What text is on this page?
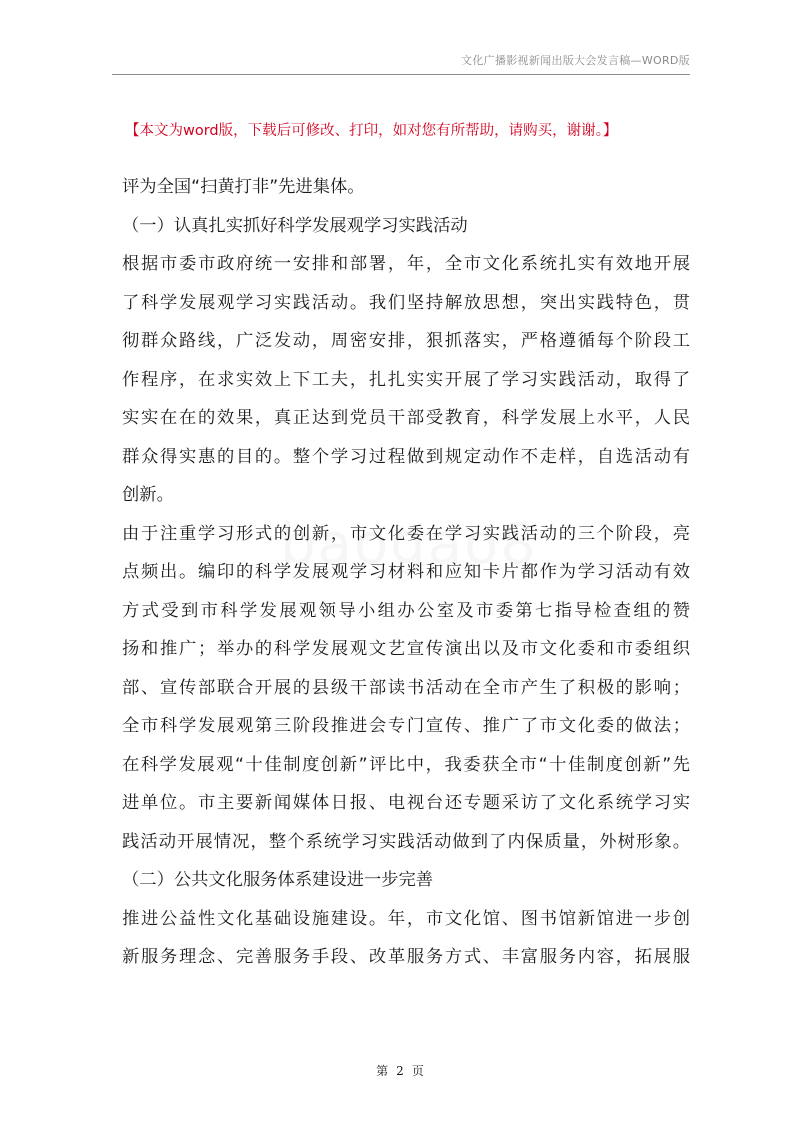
文化广播影视新闻出版大会发言稿—WORD版
【本文为word版，下载后可修改、打印，如对您有所帮助，请购买，谢谢。】
评为全国“扫黄打非”先进集体。
（一）认真扎实抓好科学发展观学习实践活动
根据市委市政府统一安排和部署，年，全市文化系统扎实有效地开展
了科学发展观学习实践活动。我们坚持解放思想，突出实践特色，贯
彻群众路线，广泛发动，周密安排，狠抓落实，严格遵循每个阶段工
作程序，在求实效上下工夫，扎扎实实开展了学习实践活动，取得了
实实在在的效果，真正达到党员干部受教育，科学发展上水平，人民
群众得实惠的目的。整个学习过程做到规定动作不走样，自选活动有
创新。
由于注重学习形式的创新，市文化委在学习实践活动的三个阶段，亮
点频出。编印的科学发展观学习材料和应知卡片都作为学习活动有效
方式受到市科学发展观领导小组办公室及市委第七指导检查组的赞
扬和推广；举办的科学发展观文艺宣传演出以及市文化委和市委组织
部、宣传部联合开展的县级干部读书活动在全市产生了积极的影响；
全市科学发展观第三阶段推进会专门宣传、推广了市文化委的做法；
在科学发展观“十佳制度创新”评比中，我委获全市“十佳制度创新”先
进单位。市主要新闻媒体日报、电视台还专题采访了文化系统学习实
践活动开展情况，整个系统学习实践活动做到了内保质量，外树形象。
（二）公共文化服务体系建设进一步完善
推进公益性文化基础设施建设。年，市文化馆、图书馆新馆进一步创
新服务理念、完善服务手段、改革服务方式、丰富服务内容，拓展服
第 2 页
